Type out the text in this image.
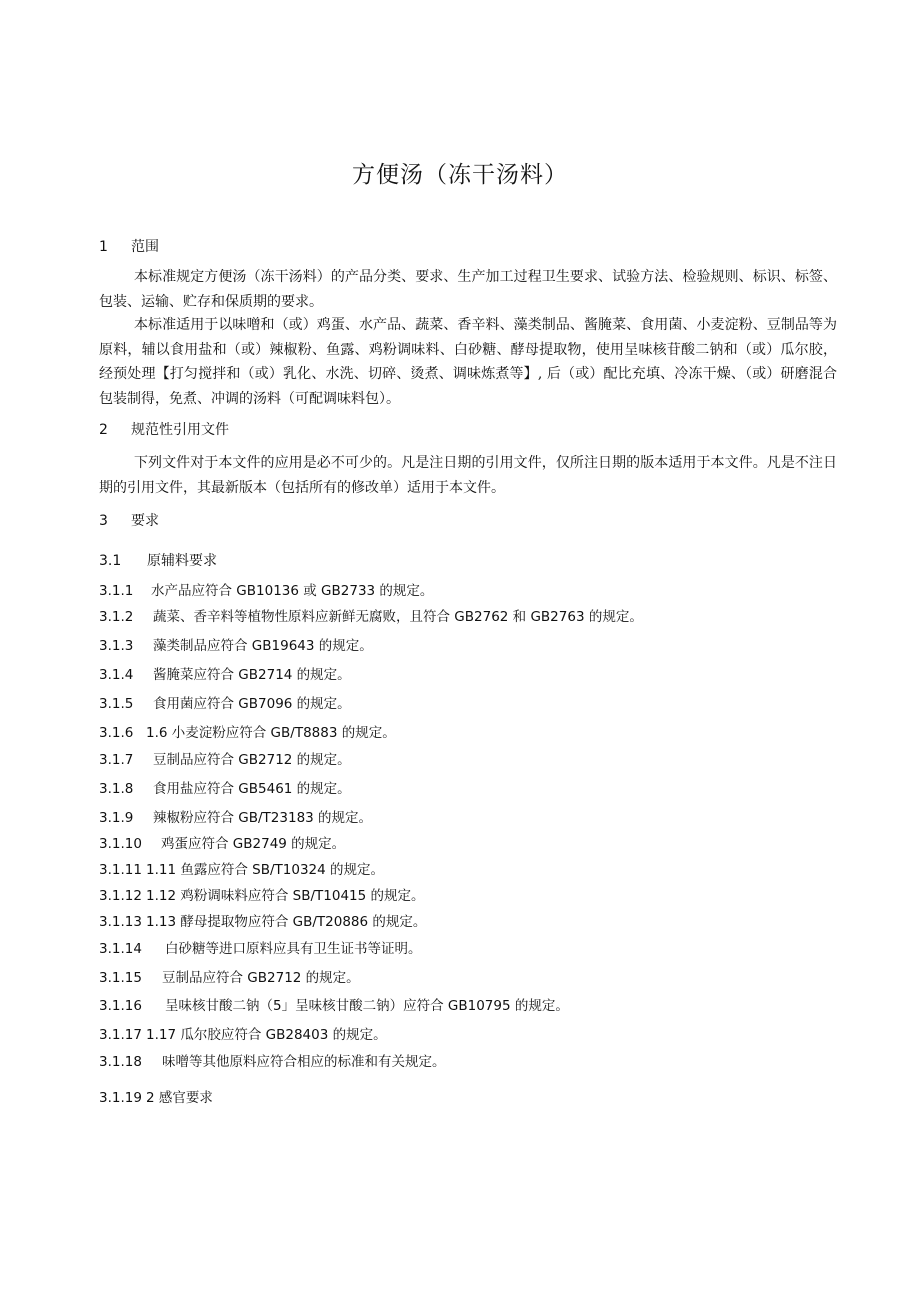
方便汤（冻干汤料）
1 范围
本标准规定方便汤（冻干汤料）的产品分类、要求、生产加工过程卫生要求、试验方法、检验规则、标识、标签、包装、运输、贮存和保质期的要求。
本标准适用于以味噌和（或）鸡蛋、水产品、蔬菜、香辛料、藻类制品、酱腌菜、食用菌、小麦淀粉、豆制品等为原料，辅以食用盐和（或）辣椒粉、鱼露、鸡粉调味料、白砂糖、酵母提取物，使用呈味核苷酸二钠和（或）瓜尔胶，经预处理【打匀搅拌和（或）乳化、水洗、切碎、烫煮、调味炼煮等】, 后（或）配比充填、冷冻干燥、（或）研磨混合包装制得，免煮、冲调的汤料（可配调味料包）。
2 规范性引用文件
下列文件对于本文件的应用是必不可少的。凡是注日期的引用文件，仅所注日期的版本适用于本文件。凡是不注日期的引用文件，其最新版本（包括所有的修改单）适用于本文件。
3 要求
3.1 原辅料要求
3.1.1 水产品应符合 GB10136 或 GB2733 的规定。
3.1.2 蔬菜、香辛料等植物性原料应新鲜无腐败，且符合 GB2762 和 GB2763 的规定。
3.1.3 藻类制品应符合 GB19643 的规定。
3.1.4 酱腌菜应符合 GB2714 的规定。
3.1.5 食用菌应符合 GB7096 的规定。
3.1.6 1.6 小麦淀粉应符合 GB/T8883 的规定。
3.1.7 豆制品应符合 GB2712 的规定。
3.1.8 食用盐应符合 GB5461 的规定。
3.1.9 辣椒粉应符合 GB/T23183 的规定。
3.1.10 鸡蛋应符合 GB2749 的规定。
3.1.11 1.11 鱼露应符合 SB/T10324 的规定。
3.1.12 1.12 鸡粉调味料应符合 SB/T10415 的规定。
3.1.13 1.13 酵母提取物应符合 GB/T20886 的规定。
3.1.14 白砂糖等进口原料应具有卫生证书等证明。
3.1.15 豆制品应符合 GB2712 的规定。
3.1.16 呈味核甘酸二钠（5」呈味核甘酸二钠）应符合 GB10795 的规定。
3.1.17 1.17 瓜尔胶应符合 GB28403 的规定。
3.1.18 味噌等其他原料应符合相应的标准和有关规定。
3.1.19 2 感官要求
